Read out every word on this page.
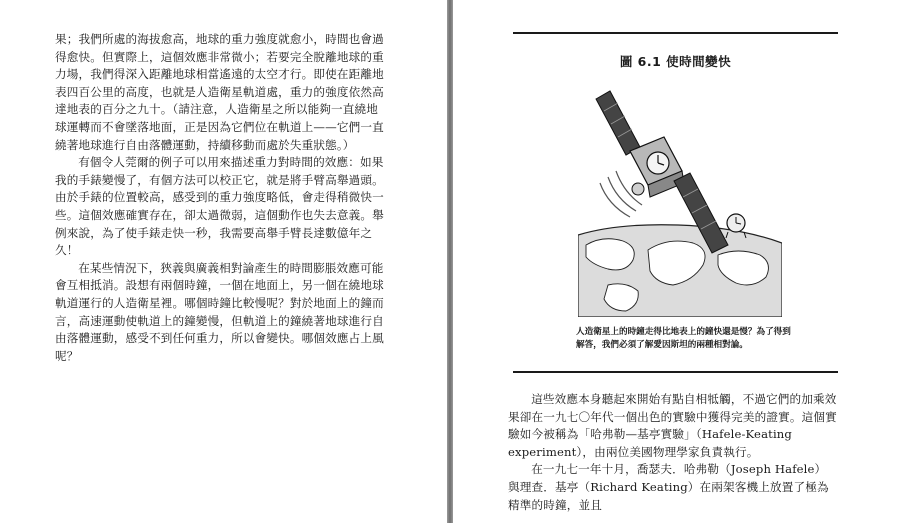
果；我們所處的海拔愈高，地球的重力強度就愈小，時間也會過得愈快。但實際上，這個效應非常微小；若要完全脫離地球的重力場，我們得深入距離地球相當遙遠的太空才行。即使在距離地表四百公里的高度，也就是人造衛星軌道處，重力的強度依然高達地表的百分之九十。（請注意，人造衛星之所以能夠一直繞地球運轉而不會墜落地面，正是因為它們位在軌道上——它們一直繞著地球進行自由落體運動，持續移動而處於失重狀態。）

有個令人莞爾的例子可以用來描述重力對時間的效應：如果我的手錶變慢了，有個方法可以校正它，就是將手臂高舉過頭。由於手錶的位置較高，感受到的重力強度略低，會走得稍微快一些。這個效應確實存在，卻太過微弱，這個動作也失去意義。舉例來說，為了使手錶走快一秒，我需要高舉手臂長達數億年之久！

在某些情況下，狹義與廣義相對論產生的時間膨脹效應可能會互相抵消。設想有兩個時鐘，一個在地面上，另一個在繞地球軌道運行的人造衛星裡。哪個時鐘比較慢呢？對於地面上的鐘而言，高速運動使軌道上的鐘變慢，但軌道上的鐘繞著地球進行自由落體運動，感受不到任何重力，所以會變快。哪個效應占上風呢？

圖 6.1 使時間變快
人造衛星上的時鐘走得比地表上的鐘快還是慢？為了得到解答，我們必須了解愛因斯坦的兩種相對論。

這些效應本身聽起來開始有點自相牴觸，不過它們的加乘效果卻在一九七〇年代一個出色的實驗中獲得完美的證實。這個實驗如今被稱為「哈弗勒—基亭實驗」（Hafele-Keating experiment），由兩位美國物理學家負責執行。

在一九七一年十月，喬瑟夫．哈弗勒（Joseph Hafele）與理查．基亭（Richard Keating）在兩架客機上放置了極為精準的時鐘，並且
